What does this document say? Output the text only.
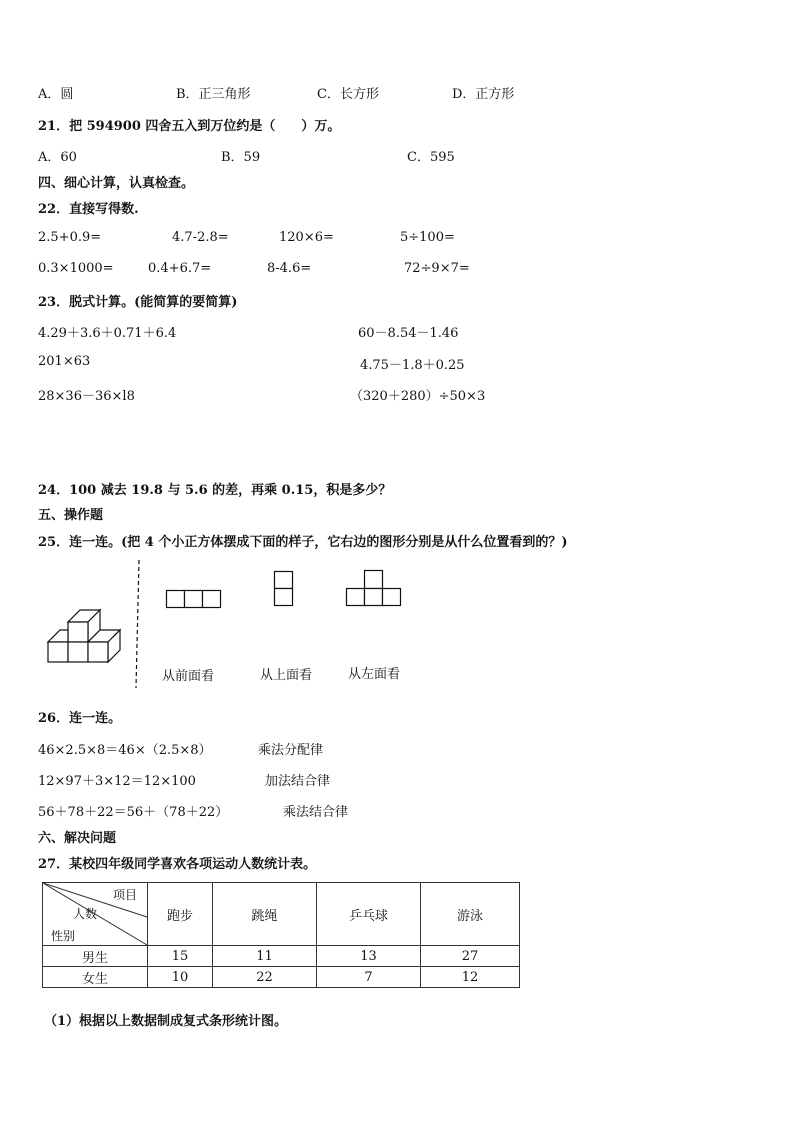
A．圆	B．正三角形	C．长方形	D．正方形
21．把 594900 四舍五入到万位约是（　　）万。
A．60	B．59	C．595
四、细心计算，认真检查。
22．直接写得数.
2.5+0.9=	4.7-2.8=	120×6=	5÷100=
0.3×1000=	0.4+6.7=	8-4.6=	72÷9×7=
23．脱式计算。(能简算的要简算)
4.29＋3.6＋0.71＋6.4	60－8.54－1.46
201×63	4.75－1.8＋0.25
28×36－36×l8	（320＋280）÷50×3
24．100 减去 19.8 与 5.6 的差，再乘 0.15，积是多少？
五、操作题
25．连一连。(把 4 个小正方体摆成下面的样子，它右边的图形分别是从什么位置看到的？)
从前面看	从上面看	从左面看
26．连一连。
46×2.5×8＝46×（2.5×8）	乘法分配律
12×97＋3×12＝12×100	加法结合律
56＋78＋22＝56＋（78＋22）	乘法结合律
六、解决问题
27．某校四年级同学喜欢各项运动人数统计表。
项目
人数
性别	跑步	跳绳	乒乓球	游泳
男生	15	11	13	27
女生	10	22	7	12
（1）根据以上数据制成复式条形统计图。
